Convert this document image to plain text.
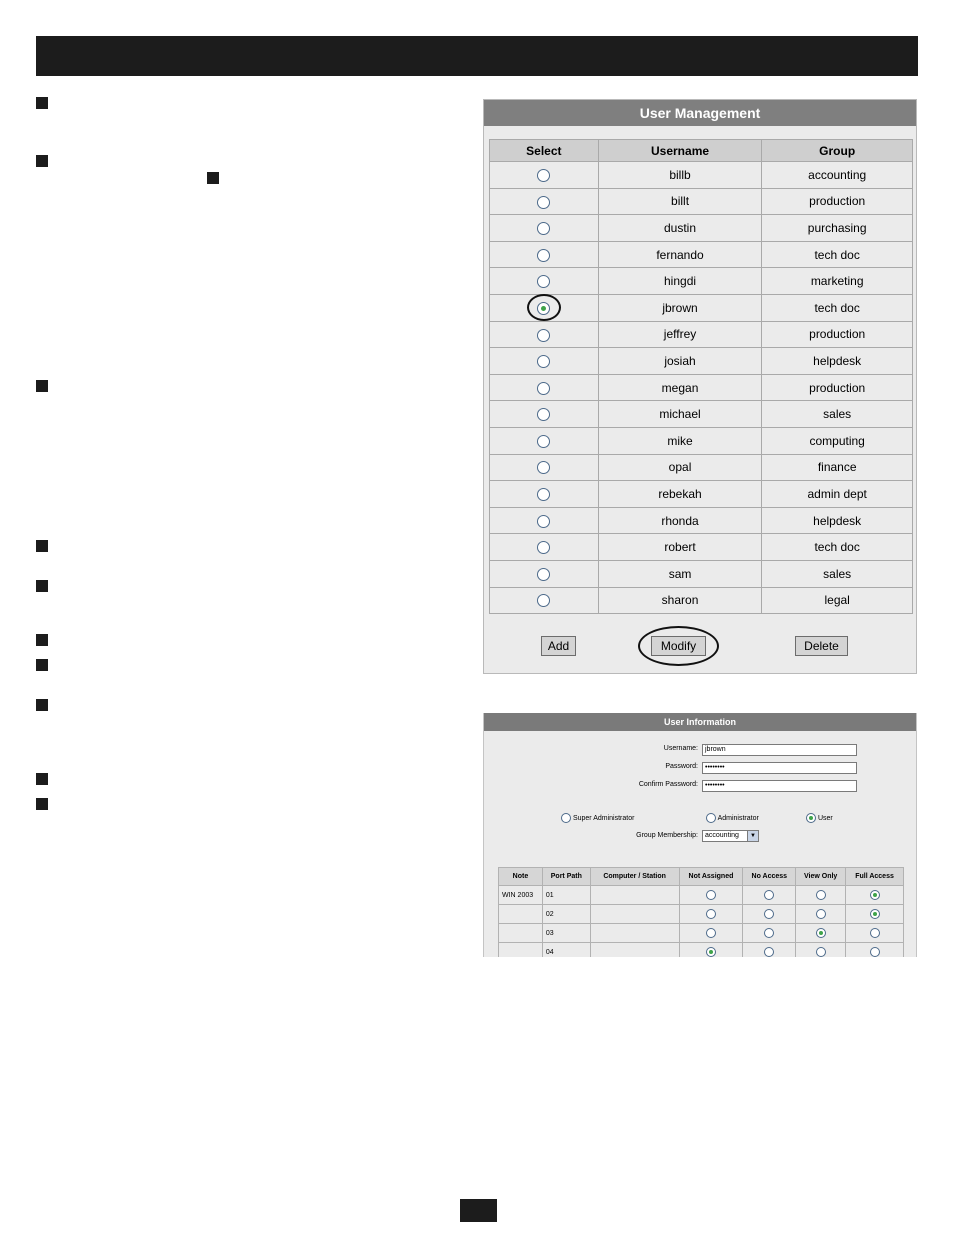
User Management
Select	Username	Group
	billb	accounting
	billt	production
	dustin	purchasing
	fernando	tech doc
	hingdi	marketing
	jbrown	tech doc
	jeffrey	production
	josiah	helpdesk
	megan	production
	michael	sales
	mike	computing
	opal	finance
	rebekah	admin dept
	rhonda	helpdesk
	robert	tech doc
	sam	sales
	sharon	legal
Add	Modify	Delete
User Information
Username:	jbrown
Password:	••••••••
Confirm Password:	••••••••
Super Administrator	Administrator	User
Group Membership:	accounting	▼
Note	Port Path	Computer / Station	Not Assigned	No Access	View Only	Full Access
WIN 2003	01					
	02					
	03					
	04					
